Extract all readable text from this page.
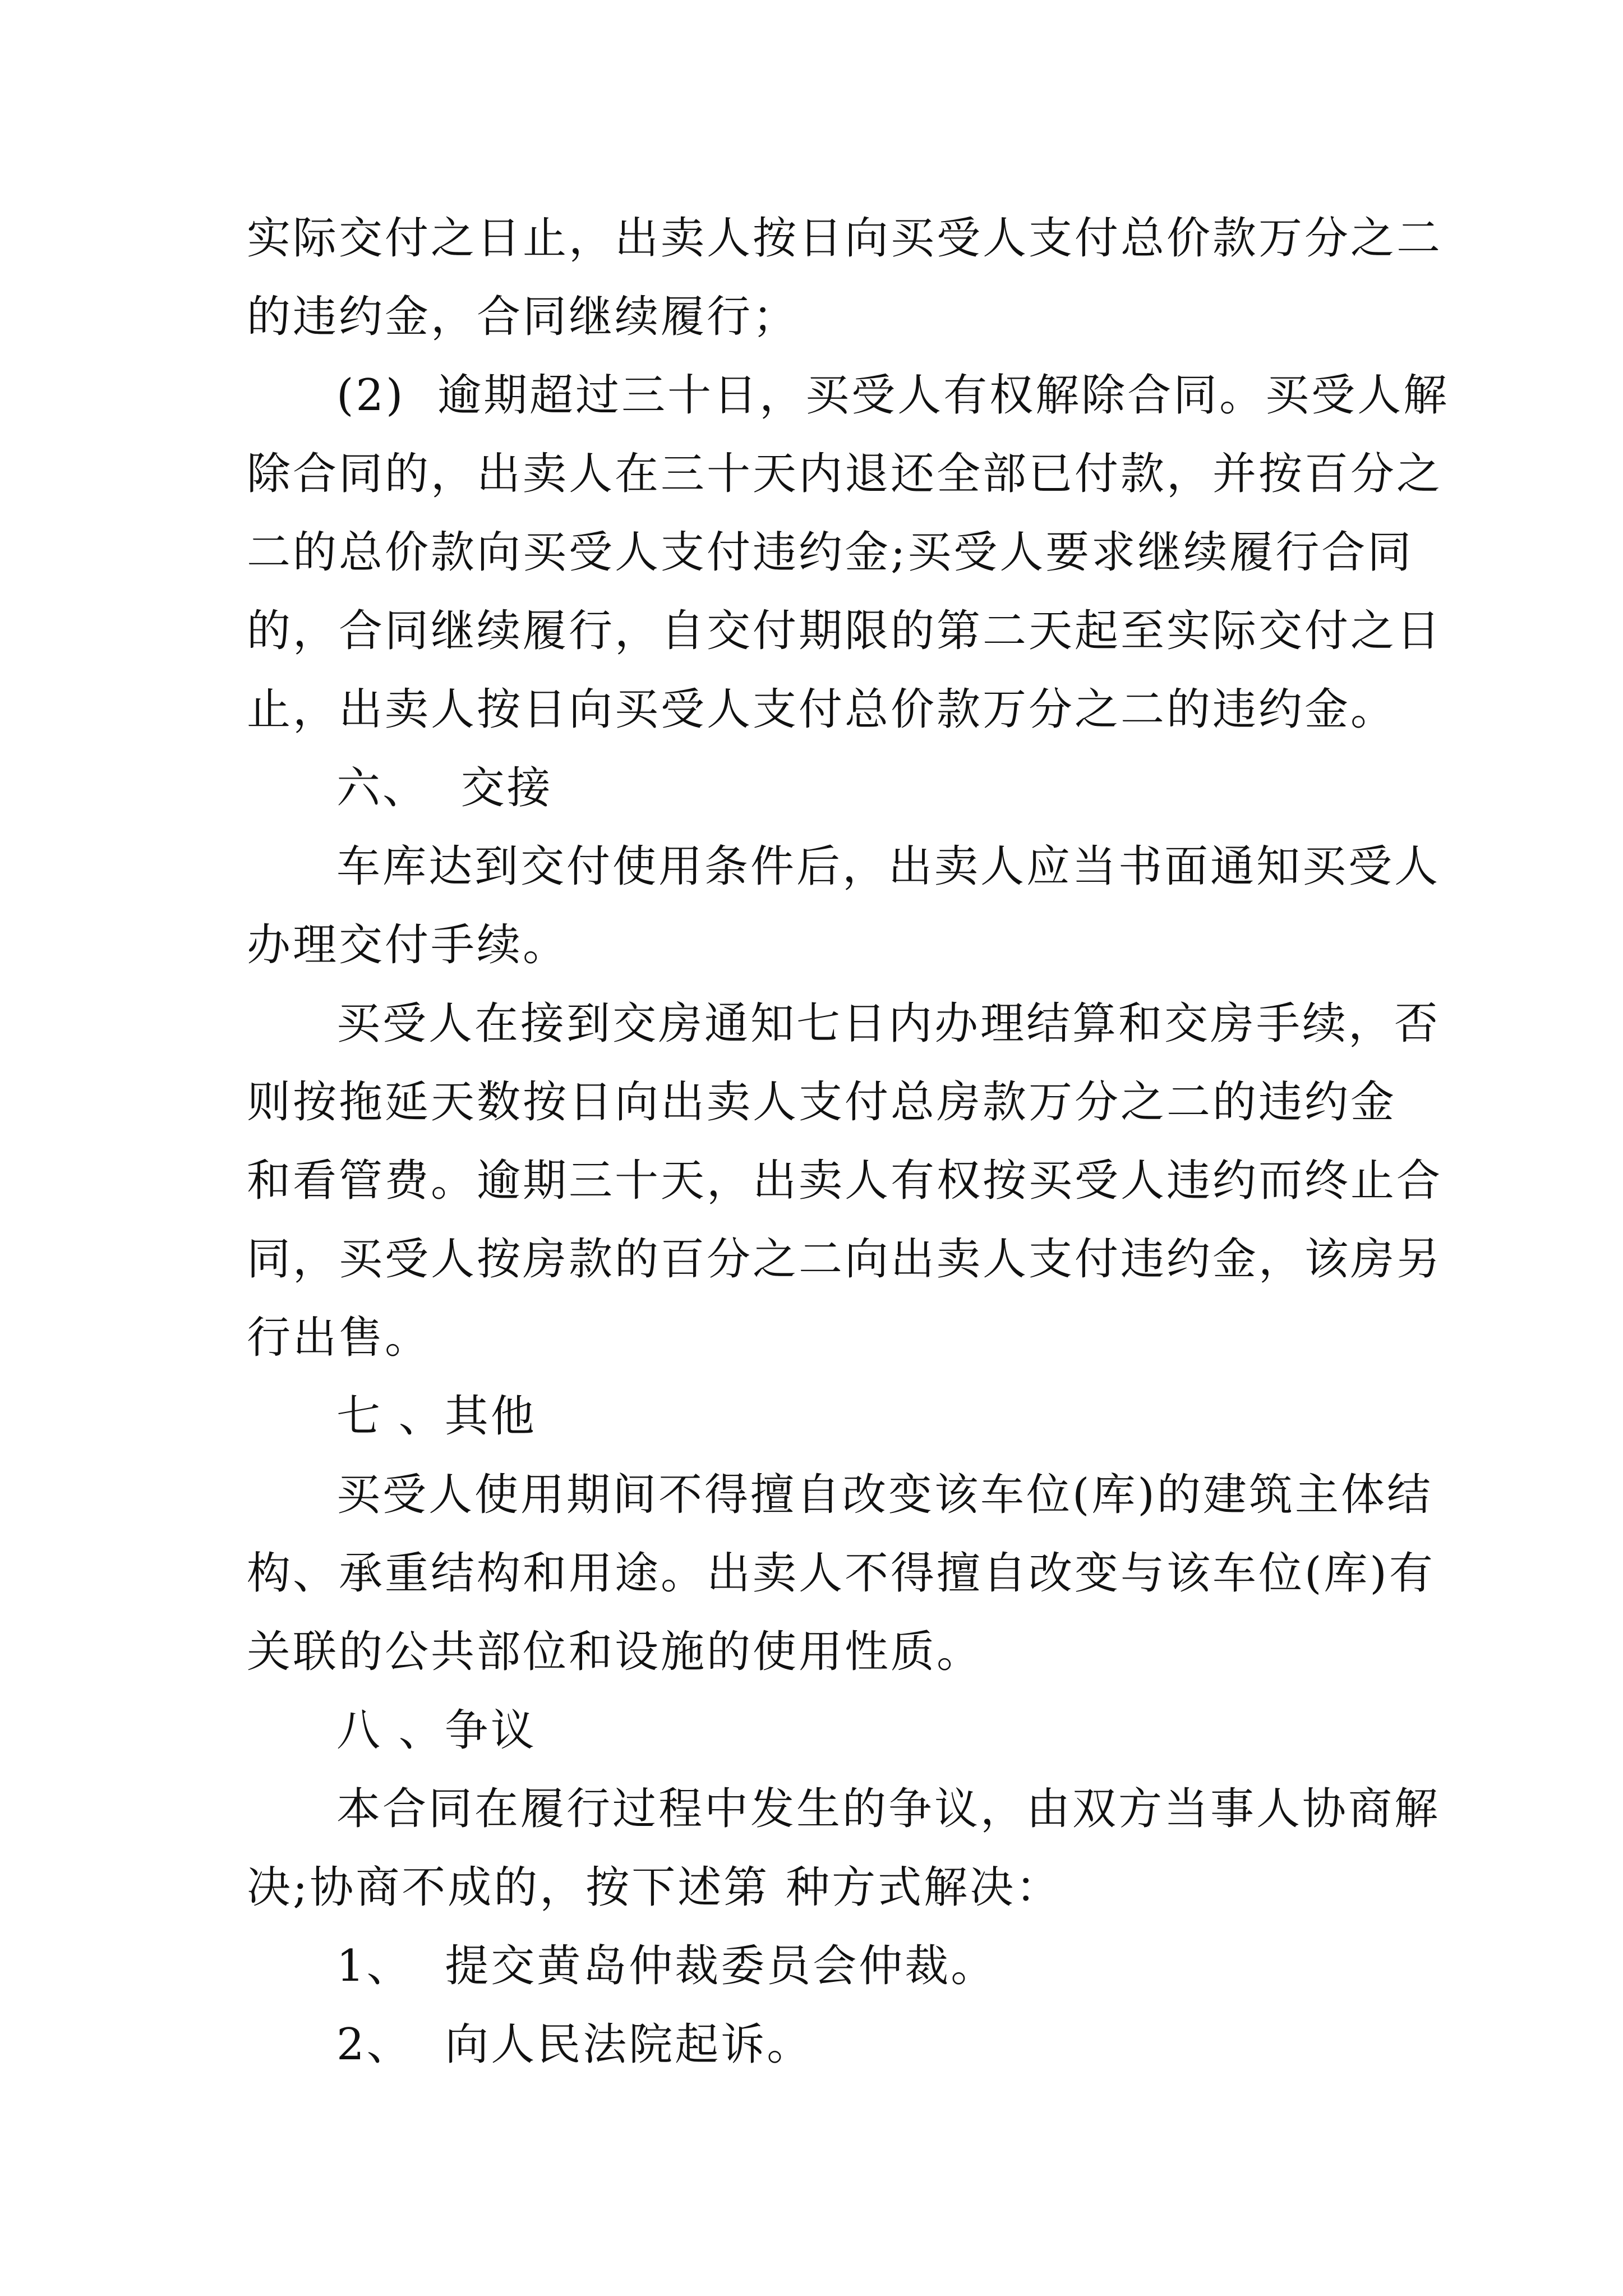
实际交付之日止，出卖人按日向买受人支付总价款万分之二
的违约金，合同继续履行；
(2)  逾期超过三十日，买受人有权解除合同。买受人解
除合同的，出卖人在三十天内退还全部已付款，并按百分之
二的总价款向买受人支付违约金;买受人要求继续履行合同
的，合同继续履行，自交付期限的第二天起至实际交付之日
止，出卖人按日向买受人支付总价款万分之二的违约金。
六、  交接
车库达到交付使用条件后，出卖人应当书面通知买受人
办理交付手续。
买受人在接到交房通知七日内办理结算和交房手续，否
则按拖延天数按日向出卖人支付总房款万分之二的违约金
和看管费。逾期三十天，出卖人有权按买受人违约而终止合
同，买受人按房款的百分之二向出卖人支付违约金，该房另
行出售。
七 、其他
买受人使用期间不得擅自改变该车位(库)的建筑主体结
构、承重结构和用途。出卖人不得擅自改变与该车位(库)有
关联的公共部位和设施的使用性质。
八 、争议
本合同在履行过程中发生的争议，由双方当事人协商解
决;协商不成的，按下述第 种方式解决：
1、  提交黄岛仲裁委员会仲裁。
2、  向人民法院起诉。
